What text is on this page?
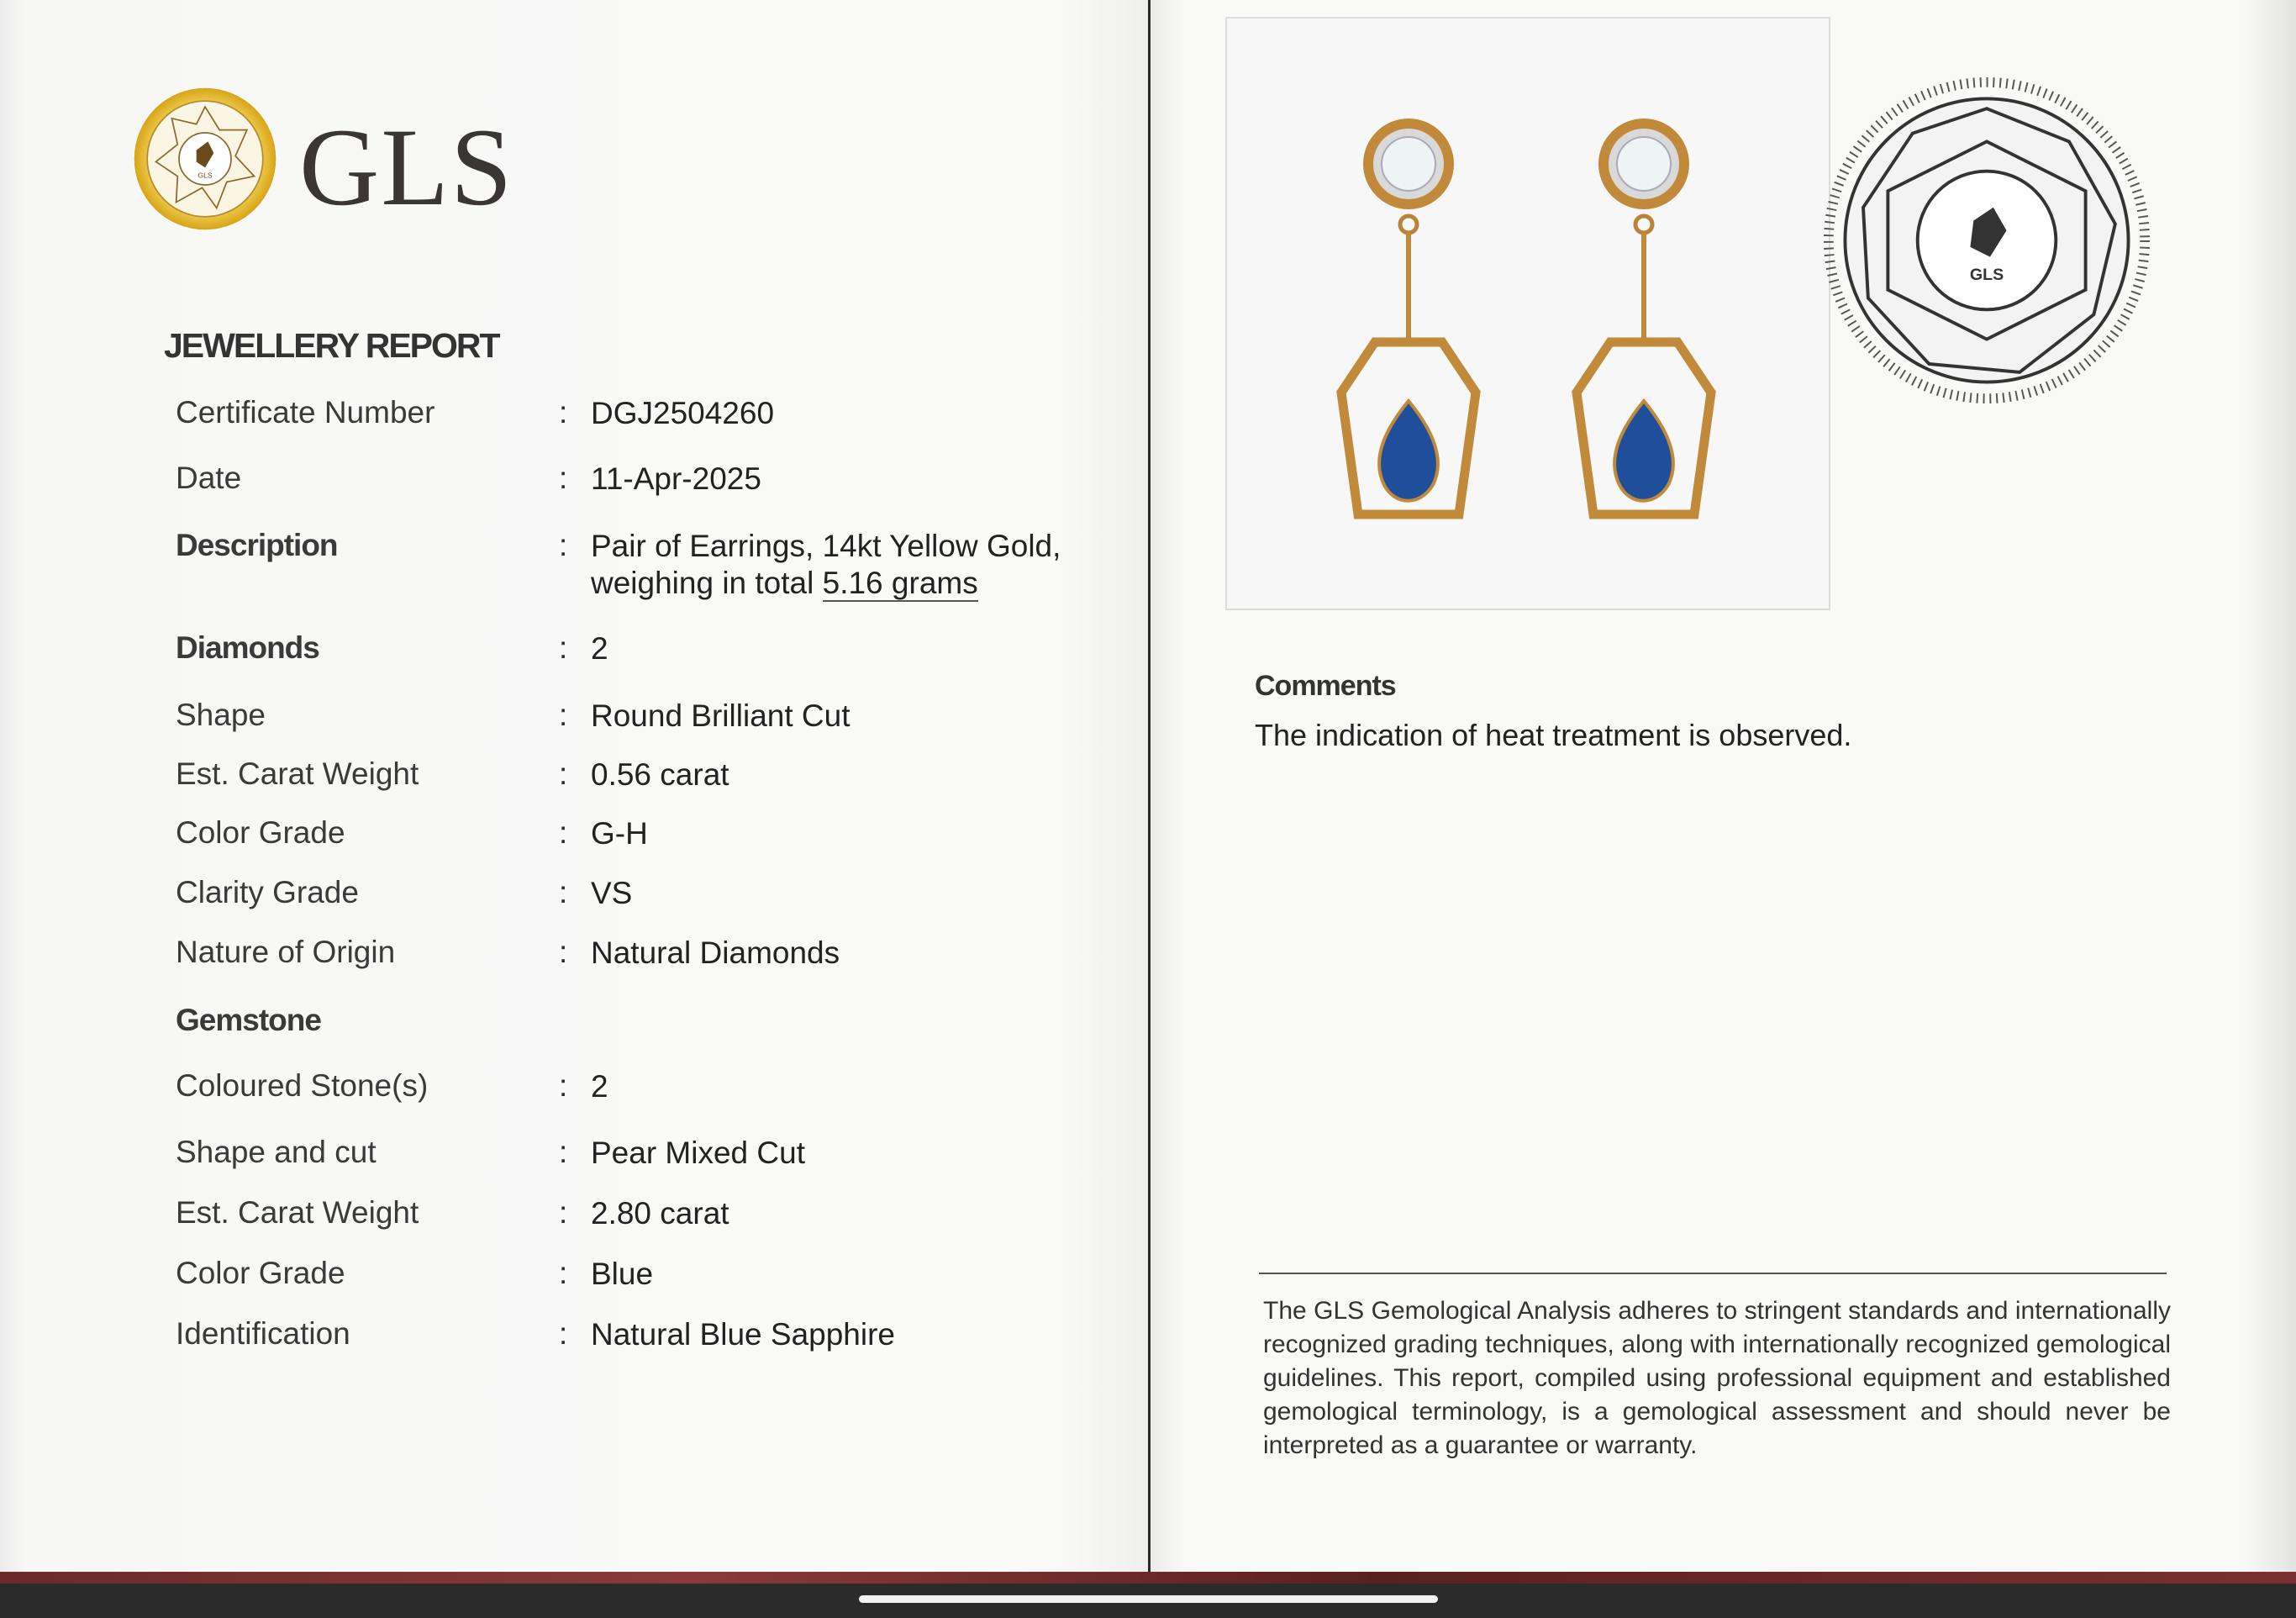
GLS GLS
JEWELLERY REPORT
Certificate Number	: DGJ2504260
Date	: 11-Apr-2025
Description	: Pair of Earrings, 14kt Yellow Gold,
weighing in total 5.16 grams
Diamonds	: 2
Shape	: Round Brilliant Cut
Est. Carat Weight	: 0.56 carat
Color Grade	: G-H
Clarity Grade	: VS
Nature of Origin	: Natural Diamonds
Gemstone
Coloured Stone(s)	: 2
Shape and cut	: Pear Mixed Cut
Est. Carat Weight	: 2.80 carat
Color Grade	: Blue
Identification	: Natural Blue Sapphire
GLS
Comments
The indication of heat treatment is observed.
The GLS Gemological Analysis adheres to stringent standards and internationally recognized grading techniques, along with internationally recognized gemological guidelines. This report, compiled using professional equipment and established gemological terminology, is a gemological assessment and should never be interpreted as a guarantee or warranty.
